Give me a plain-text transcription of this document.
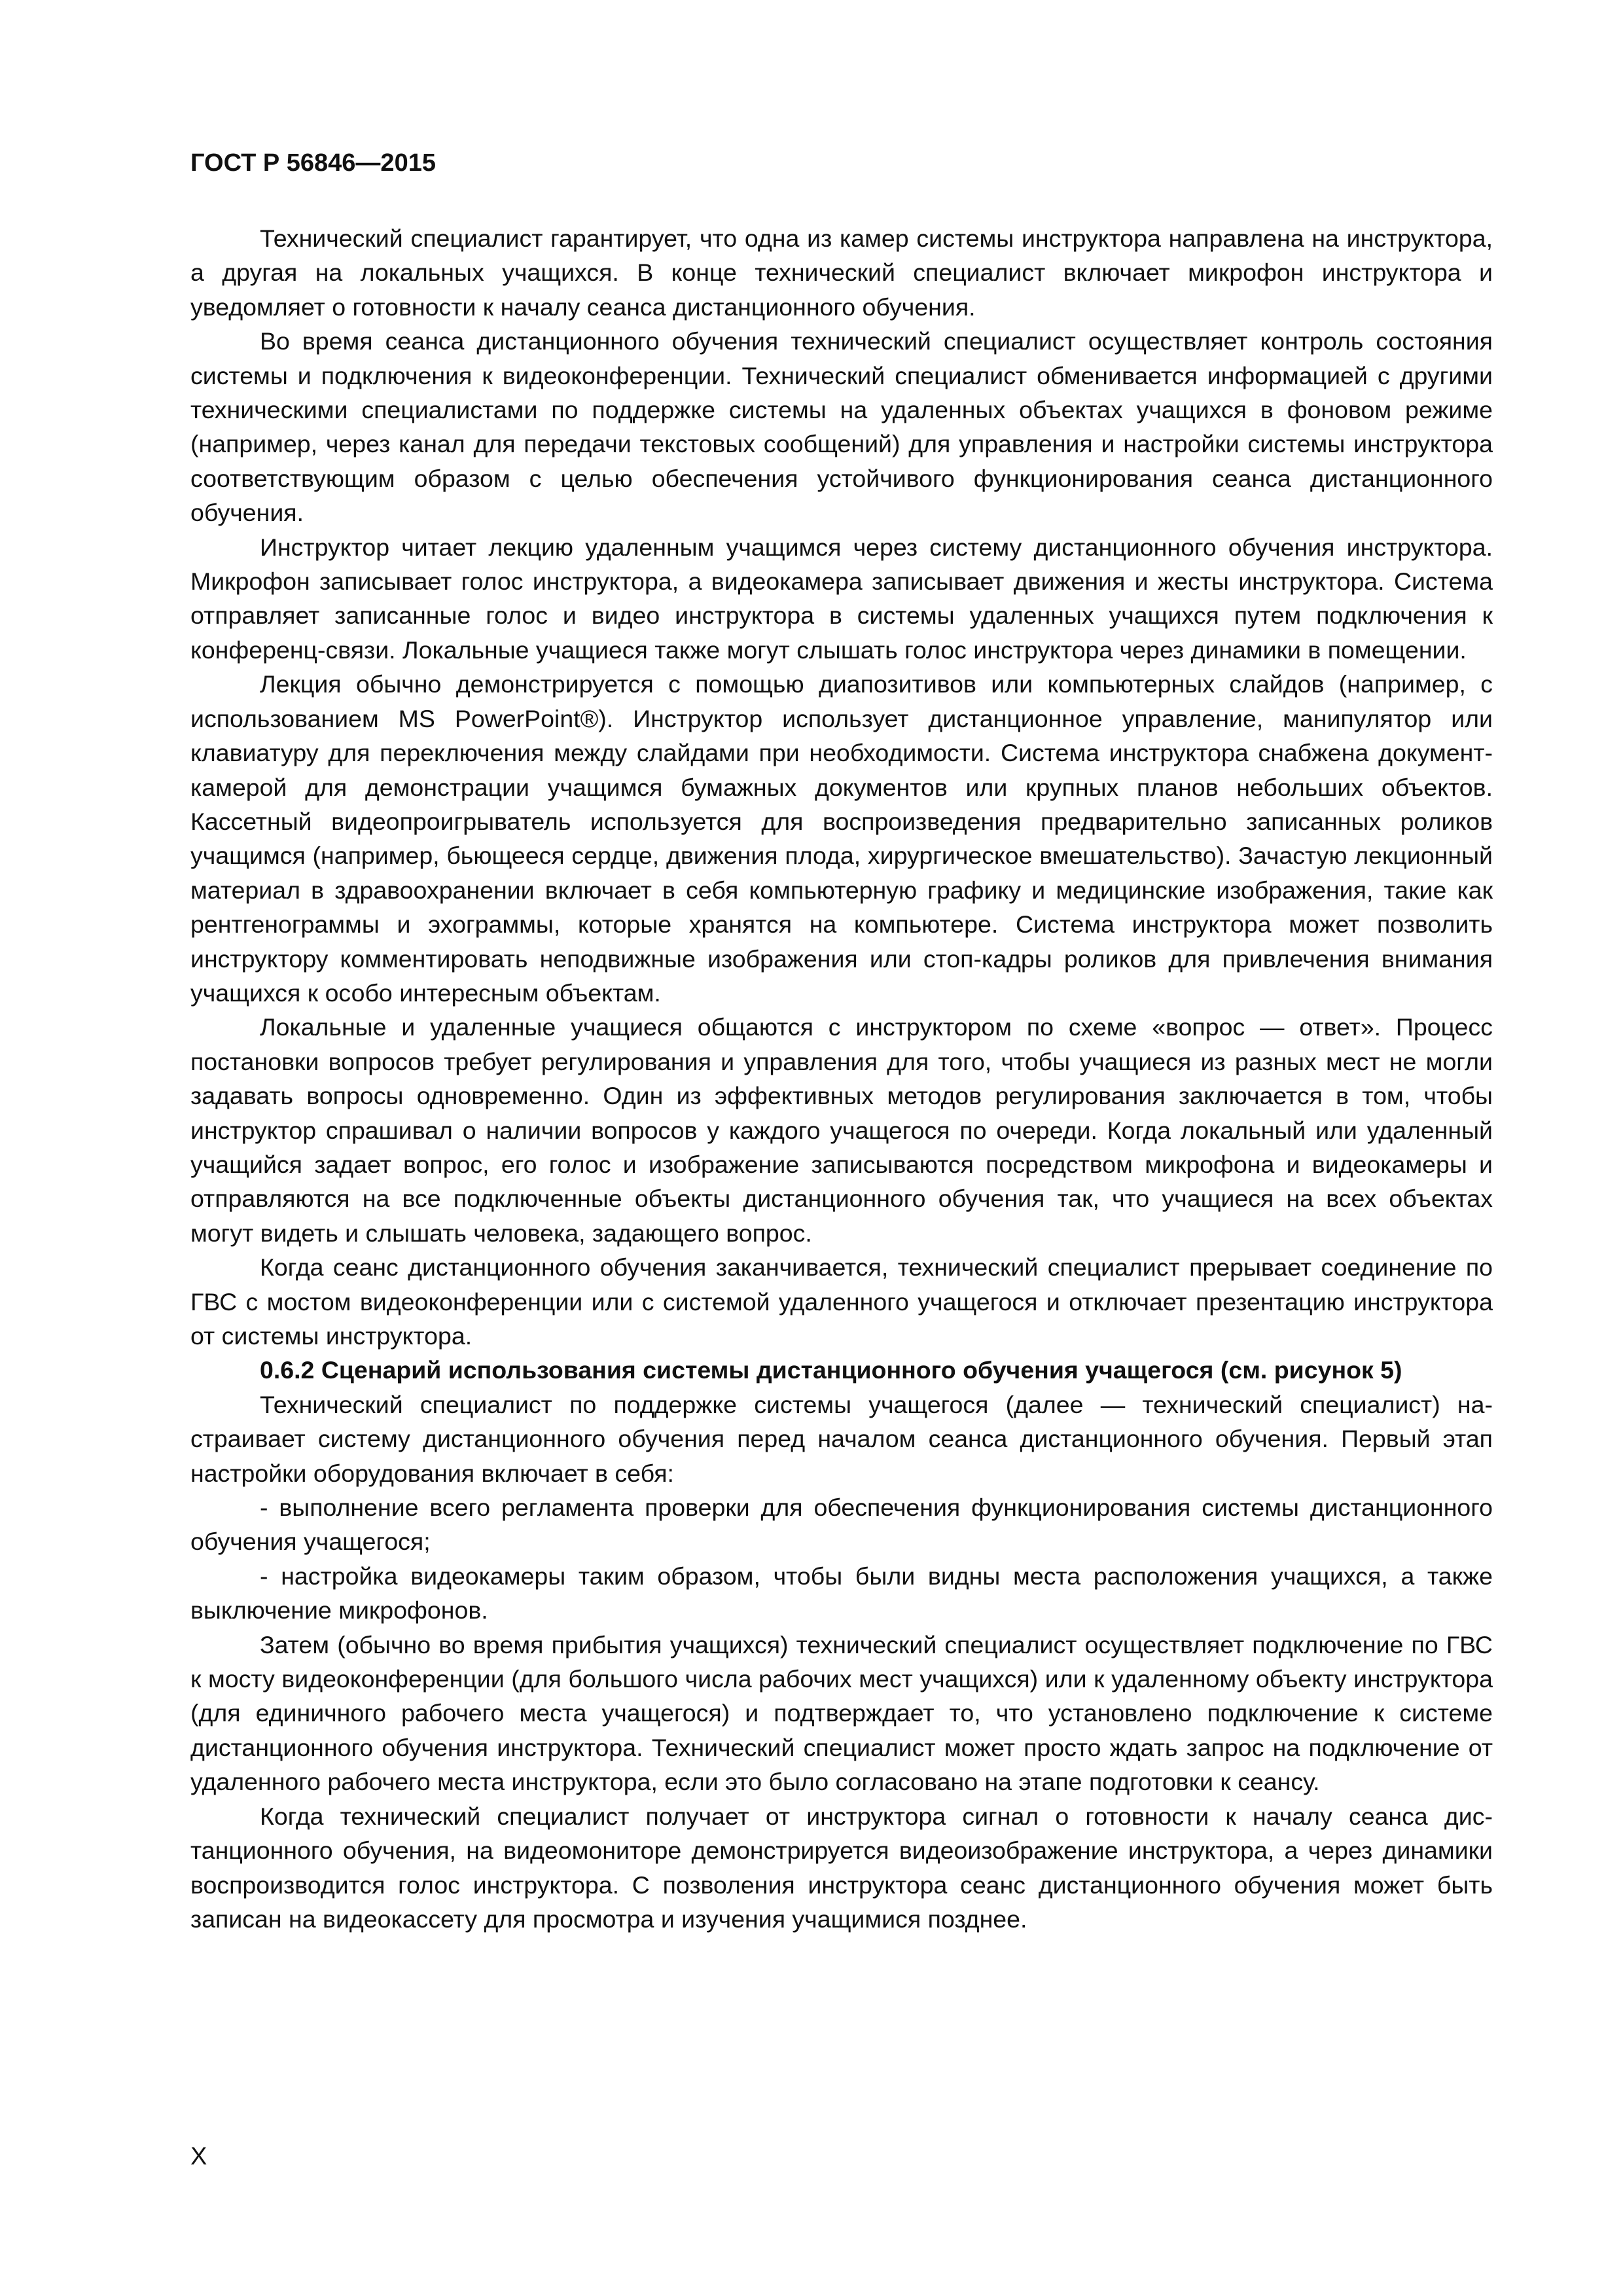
ГОСТ Р 56846—2015

Технический специалист гарантирует, что одна из камер системы инструктора направлена на инструктора, а другая на локальных учащихся. В конце технический специалист включает микрофон инструктора и уведомляет о готовности к началу сеанса дистанционного обучения.

Во время сеанса дистанционного обучения технический специалист осуществляет контроль состояния системы и подключения к видеоконференции. Технический специалист обменивается информацией с другими техническими специалистами по поддержке системы на удаленных объектах учащихся в фоновом режиме (например, через канал для передачи текстовых сообщений) для управления и настройки системы инструктора соответствующим образом с целью обеспечения устойчивого функционирования сеанса дистанционного обучения.

Инструктор читает лекцию удаленным учащимся через систему дистанционного обучения инструктора. Микрофон записывает голос инструктора, а видеокамера записывает движения и жесты инструктора. Система отправляет записанные голос и видео инструктора в системы удаленных учащихся путем подключения к конференц-связи. Локальные учащиеся также могут слышать голос инструктора через динамики в помещении.

Лекция обычно демонстрируется с помощью диапозитивов или компьютерных слайдов (например, с использованием MS PowerPoint®). Инструктор использует дистанционное управление, манипулятор или клавиатуру для переключения между слайдами при необходимости. Система инструктора снабжена документ-камерой для демонстрации учащимся бумажных документов или крупных планов небольших объектов. Кассетный видеопроигрыватель используется для воспроизведения предварительно записанных роликов учащимся (например, бьющееся сердце, движения плода, хирургическое вмешательство). Зачастую лекционный материал в здравоохранении включает в себя компьютерную графику и медицинские изображения, такие как рентгенограммы и эхограммы, которые хранятся на компьютере. Система инструктора может позволить инструктору комментировать неподвижные изображения или стоп-кадры роликов для привлечения внимания учащихся к особо интересным объектам.

Локальные и удаленные учащиеся общаются с инструктором по схеме «вопрос — ответ». Процесс постановки вопросов требует регулирования и управления для того, чтобы учащиеся из разных мест не могли задавать вопросы одновременно. Один из эффективных методов регулирования заключается в том, чтобы инструктор спрашивал о наличии вопросов у каждого учащегося по очереди. Когда локальный или удаленный учащийся задает вопрос, его голос и изображение записываются посредством микрофона и видеокамеры и отправляются на все подключенные объекты дистанционного обучения так, что учащиеся на всех объектах могут видеть и слышать человека, задающего вопрос.

Когда сеанс дистанционного обучения заканчивается, технический специалист прерывает соединение по ГВС с мостом видеоконференции или с системой удаленного учащегося и отключает презентацию инструктора от системы инструктора.

0.6.2 Сценарий использования системы дистанционного обучения учащегося (см. рисунок 5)

Технический специалист по поддержке системы учащегося (далее — технический специалист) настраивает систему дистанционного обучения перед началом сеанса дистанционного обучения. Первый этап настройки оборудования включает в себя:

- выполнение всего регламента проверки для обеспечения функционирования системы дистанционного обучения учащегося;

- настройка видеокамеры таким образом, чтобы были видны места расположения учащихся, а также выключение микрофонов.

Затем (обычно во время прибытия учащихся) технический специалист осуществляет подключение по ГВС к мосту видеоконференции (для большого числа рабочих мест учащихся) или к удаленному объекту инструктора (для единичного рабочего места учащегося) и подтверждает то, что установлено подключение к системе дистанционного обучения инструктора. Технический специалист может просто ждать запрос на подключение от удаленного рабочего места инструктора, если это было согласовано на этапе подготовки к сеансу.

Когда технический специалист получает от инструктора сигнал о готовности к началу сеанса дистанционного обучения, на видеомониторе демонстрируется видеоизображение инструктора, а через динамики воспроизводится голос инструктора. С позволения инструктора сеанс дистанционного обучения может быть записан на видеокассету для просмотра и изучения учащимися позднее.

X
